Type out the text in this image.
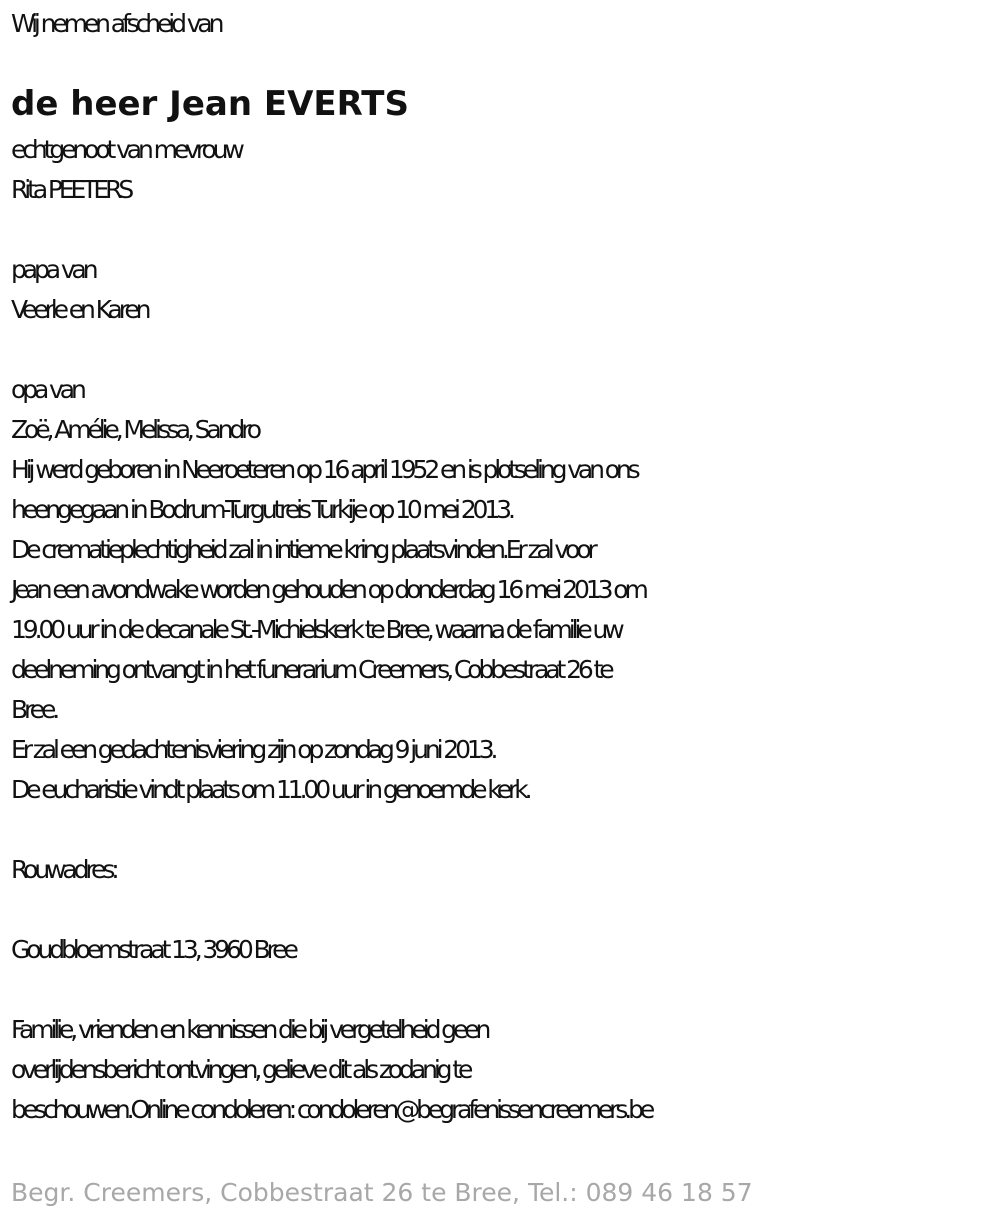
Wij nemen afscheid van
de heer Jean EVERTS
echtgenoot van mevrouw
Rita PEETERS
papa van
Veerle en Karen
opa van
Zoë, Amélie, Melissa, Sandro
Hij werd geboren in Neeroeteren op 16 april 1952 en is plotseling van ons
heengegaan in Bodrum-Turgutreis Turkije op 10 mei 2013.
De crematieplechtigheid zal in intieme kring plaatsvinden.Er zal voor
Jean een avondwake worden gehouden op donderdag 16 mei 2013 om
19.00 uur in de decanale St.-Michielskerk te Bree, waarna de familie uw
deelneming ontvangt in het funerarium Creemers, Cobbestraat 26 te
Bree.
Er zal een gedachtenisviering zijn op zondag 9 juni 2013.
De eucharistie vindt plaats om 11.00 uur in genoemde kerk.
Rouwadres:
Goudbloemstraat 13, 3960 Bree
Familie, vrienden en kennissen die bij vergetelheid geen
overlijdensbericht ontvingen, gelieve dit als zodanig te
beschouwen.Online condoleren: condoleren@begrafenissencreemers.be
Begr. Creemers, Cobbestraat 26 te Bree, Tel.: 089 46 18 57
